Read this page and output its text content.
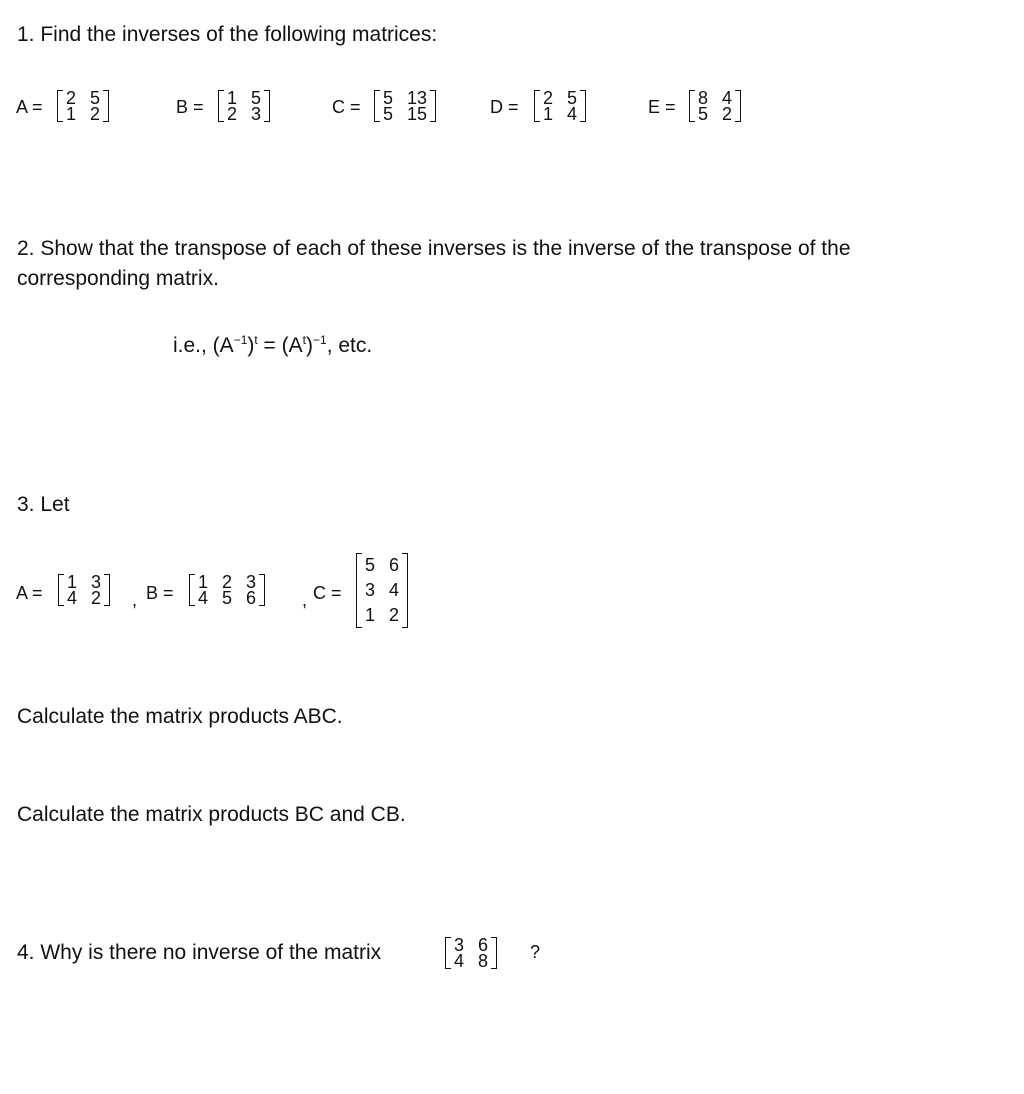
1. Find the inverses of the following matrices:
A = 2 5
1 2	B = 1 5
2 3	C = 5 13
5 15	D = 2 5
1 4	E = 8 4
5 2
2. Show that the transpose of each of these inverses is the inverse of the transpose of the corresponding matrix.
i.e., $(A^{-1})^t = (A^t)^{-1}$, etc.
3. Let
A =
1 3
4 2 , B =
1 2 3
4 5 6	, C =
5 6
3 4
1 2
Calculate the matrix products ABC.
Calculate the matrix products BC and CB.
4. Why is there no inverse of the matrix	3 6
4 8 ?
